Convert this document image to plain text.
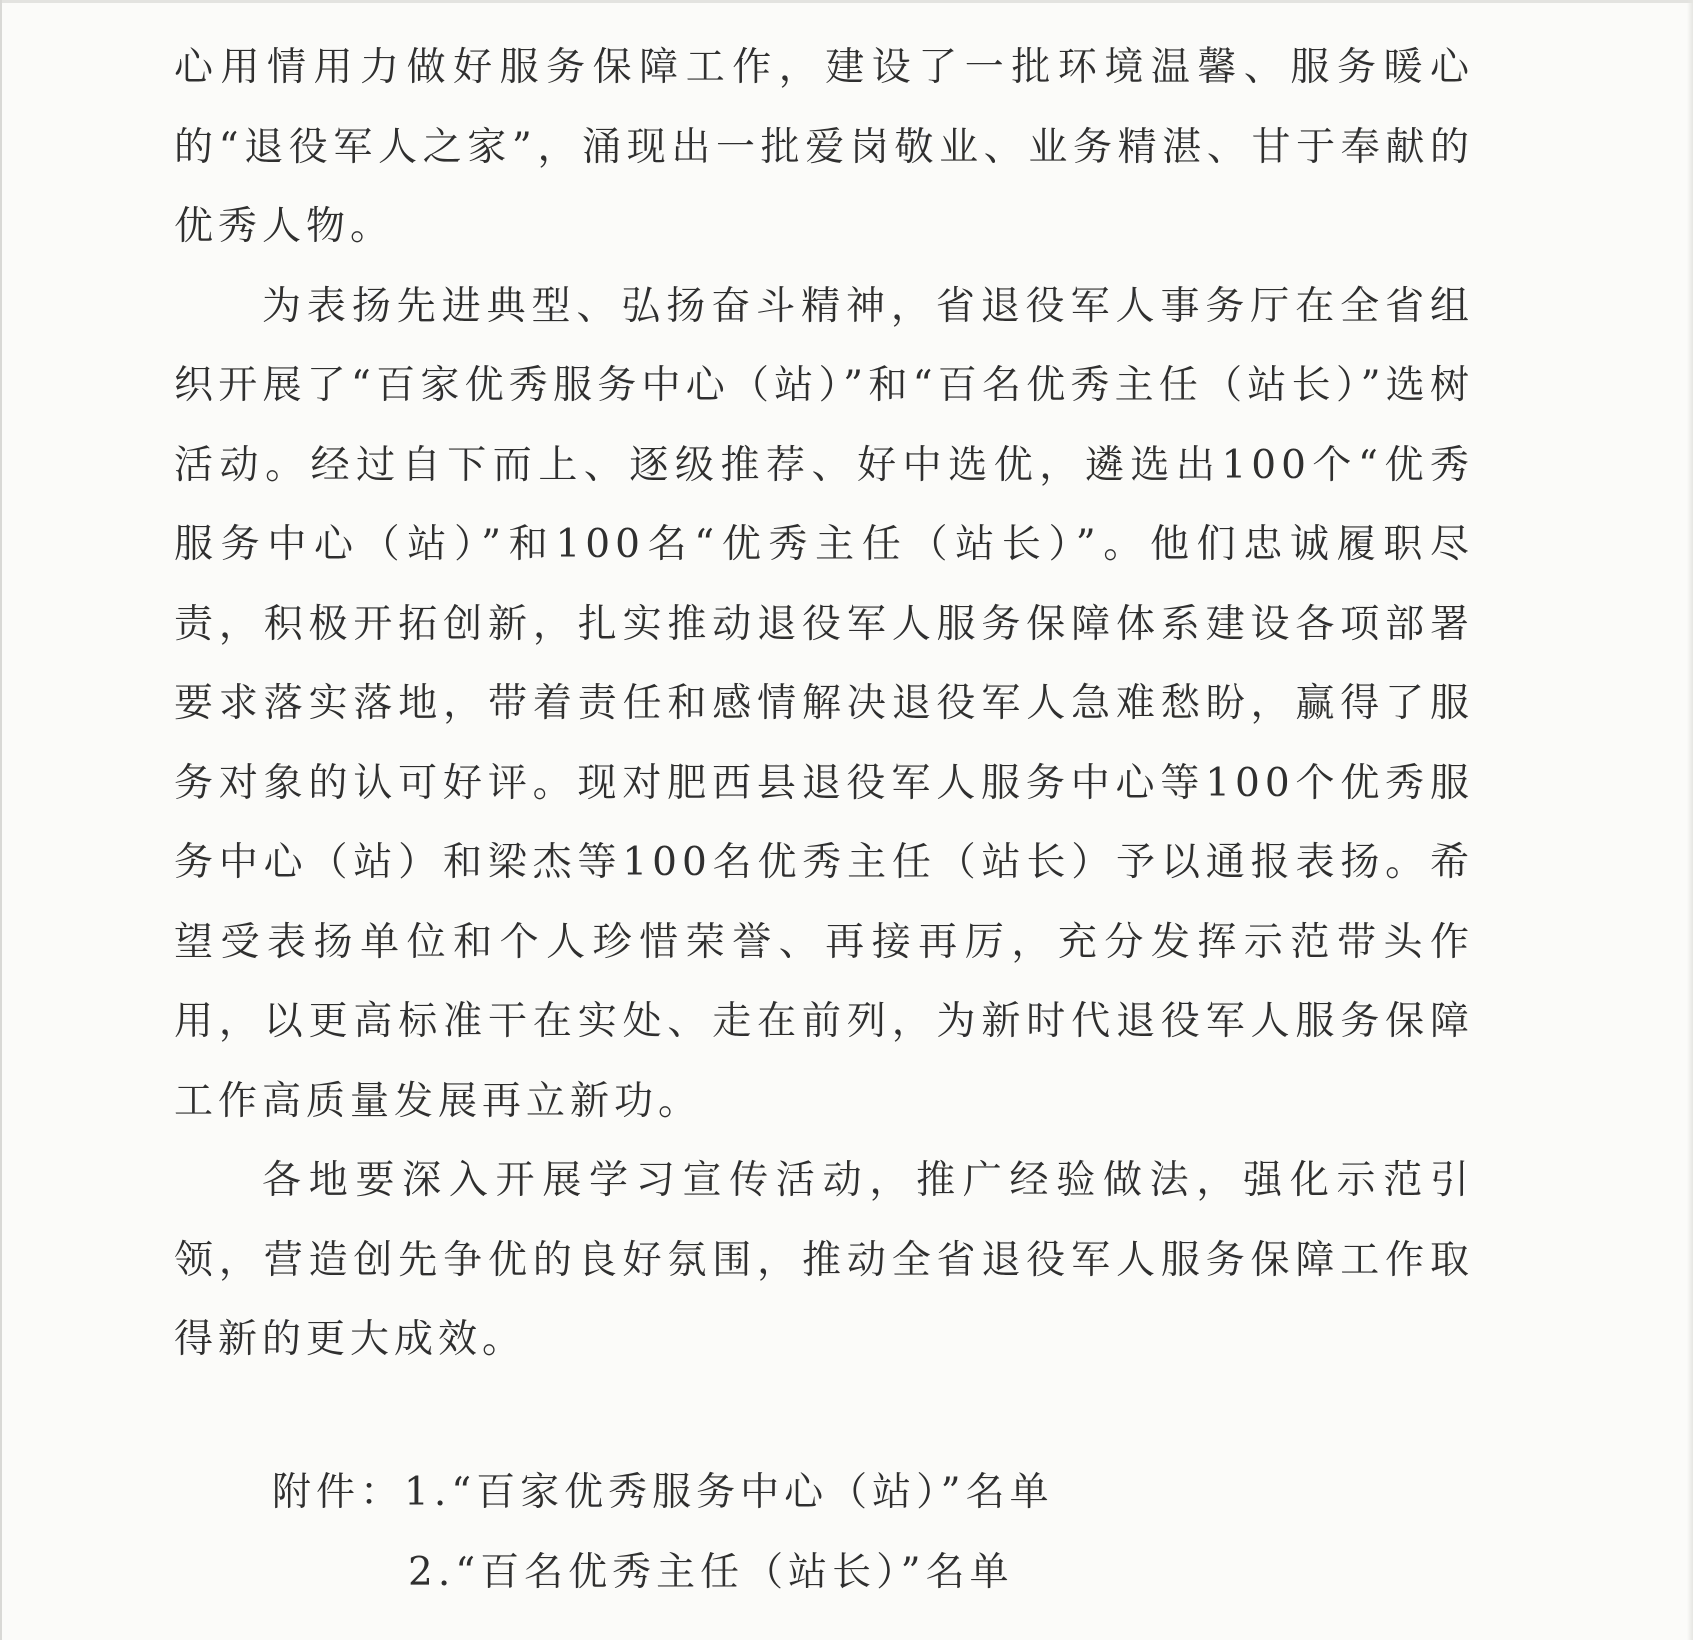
心用情用力做好服务保障工作，建设了一批环境温馨、服务暖心的“退役军人之家”，涌现出一批爱岗敬业、业务精湛、甘于奉献的优秀人物。

为表扬先进典型、弘扬奋斗精神，省退役军人事务厅在全省组织开展了“百家优秀服务中心（站）”和“百名优秀主任（站长）”选树活动。经过自下而上、逐级推荐、好中选优，遴选出100个“优秀服务中心（站）”和100名“优秀主任（站长）”。他们忠诚履职尽责，积极开拓创新，扎实推动退役军人服务保障体系建设各项部署要求落实落地，带着责任和感情解决退役军人急难愁盼，赢得了服务对象的认可好评。现对肥西县退役军人服务中心等100个优秀服务中心（站）和梁杰等100名优秀主任（站长）予以通报表扬。希望受表扬单位和个人珍惜荣誉、再接再厉，充分发挥示范带头作用，以更高标准干在实处、走在前列，为新时代退役军人服务保障工作高质量发展再立新功。

各地要深入开展学习宣传活动，推广经验做法，强化示范引领，营造创先争优的良好氛围，推动全省退役军人服务保障工作取得新的更大成效。

附件：1.“百家优秀服务中心（站）”名单
2.“百名优秀主任（站长）”名单
